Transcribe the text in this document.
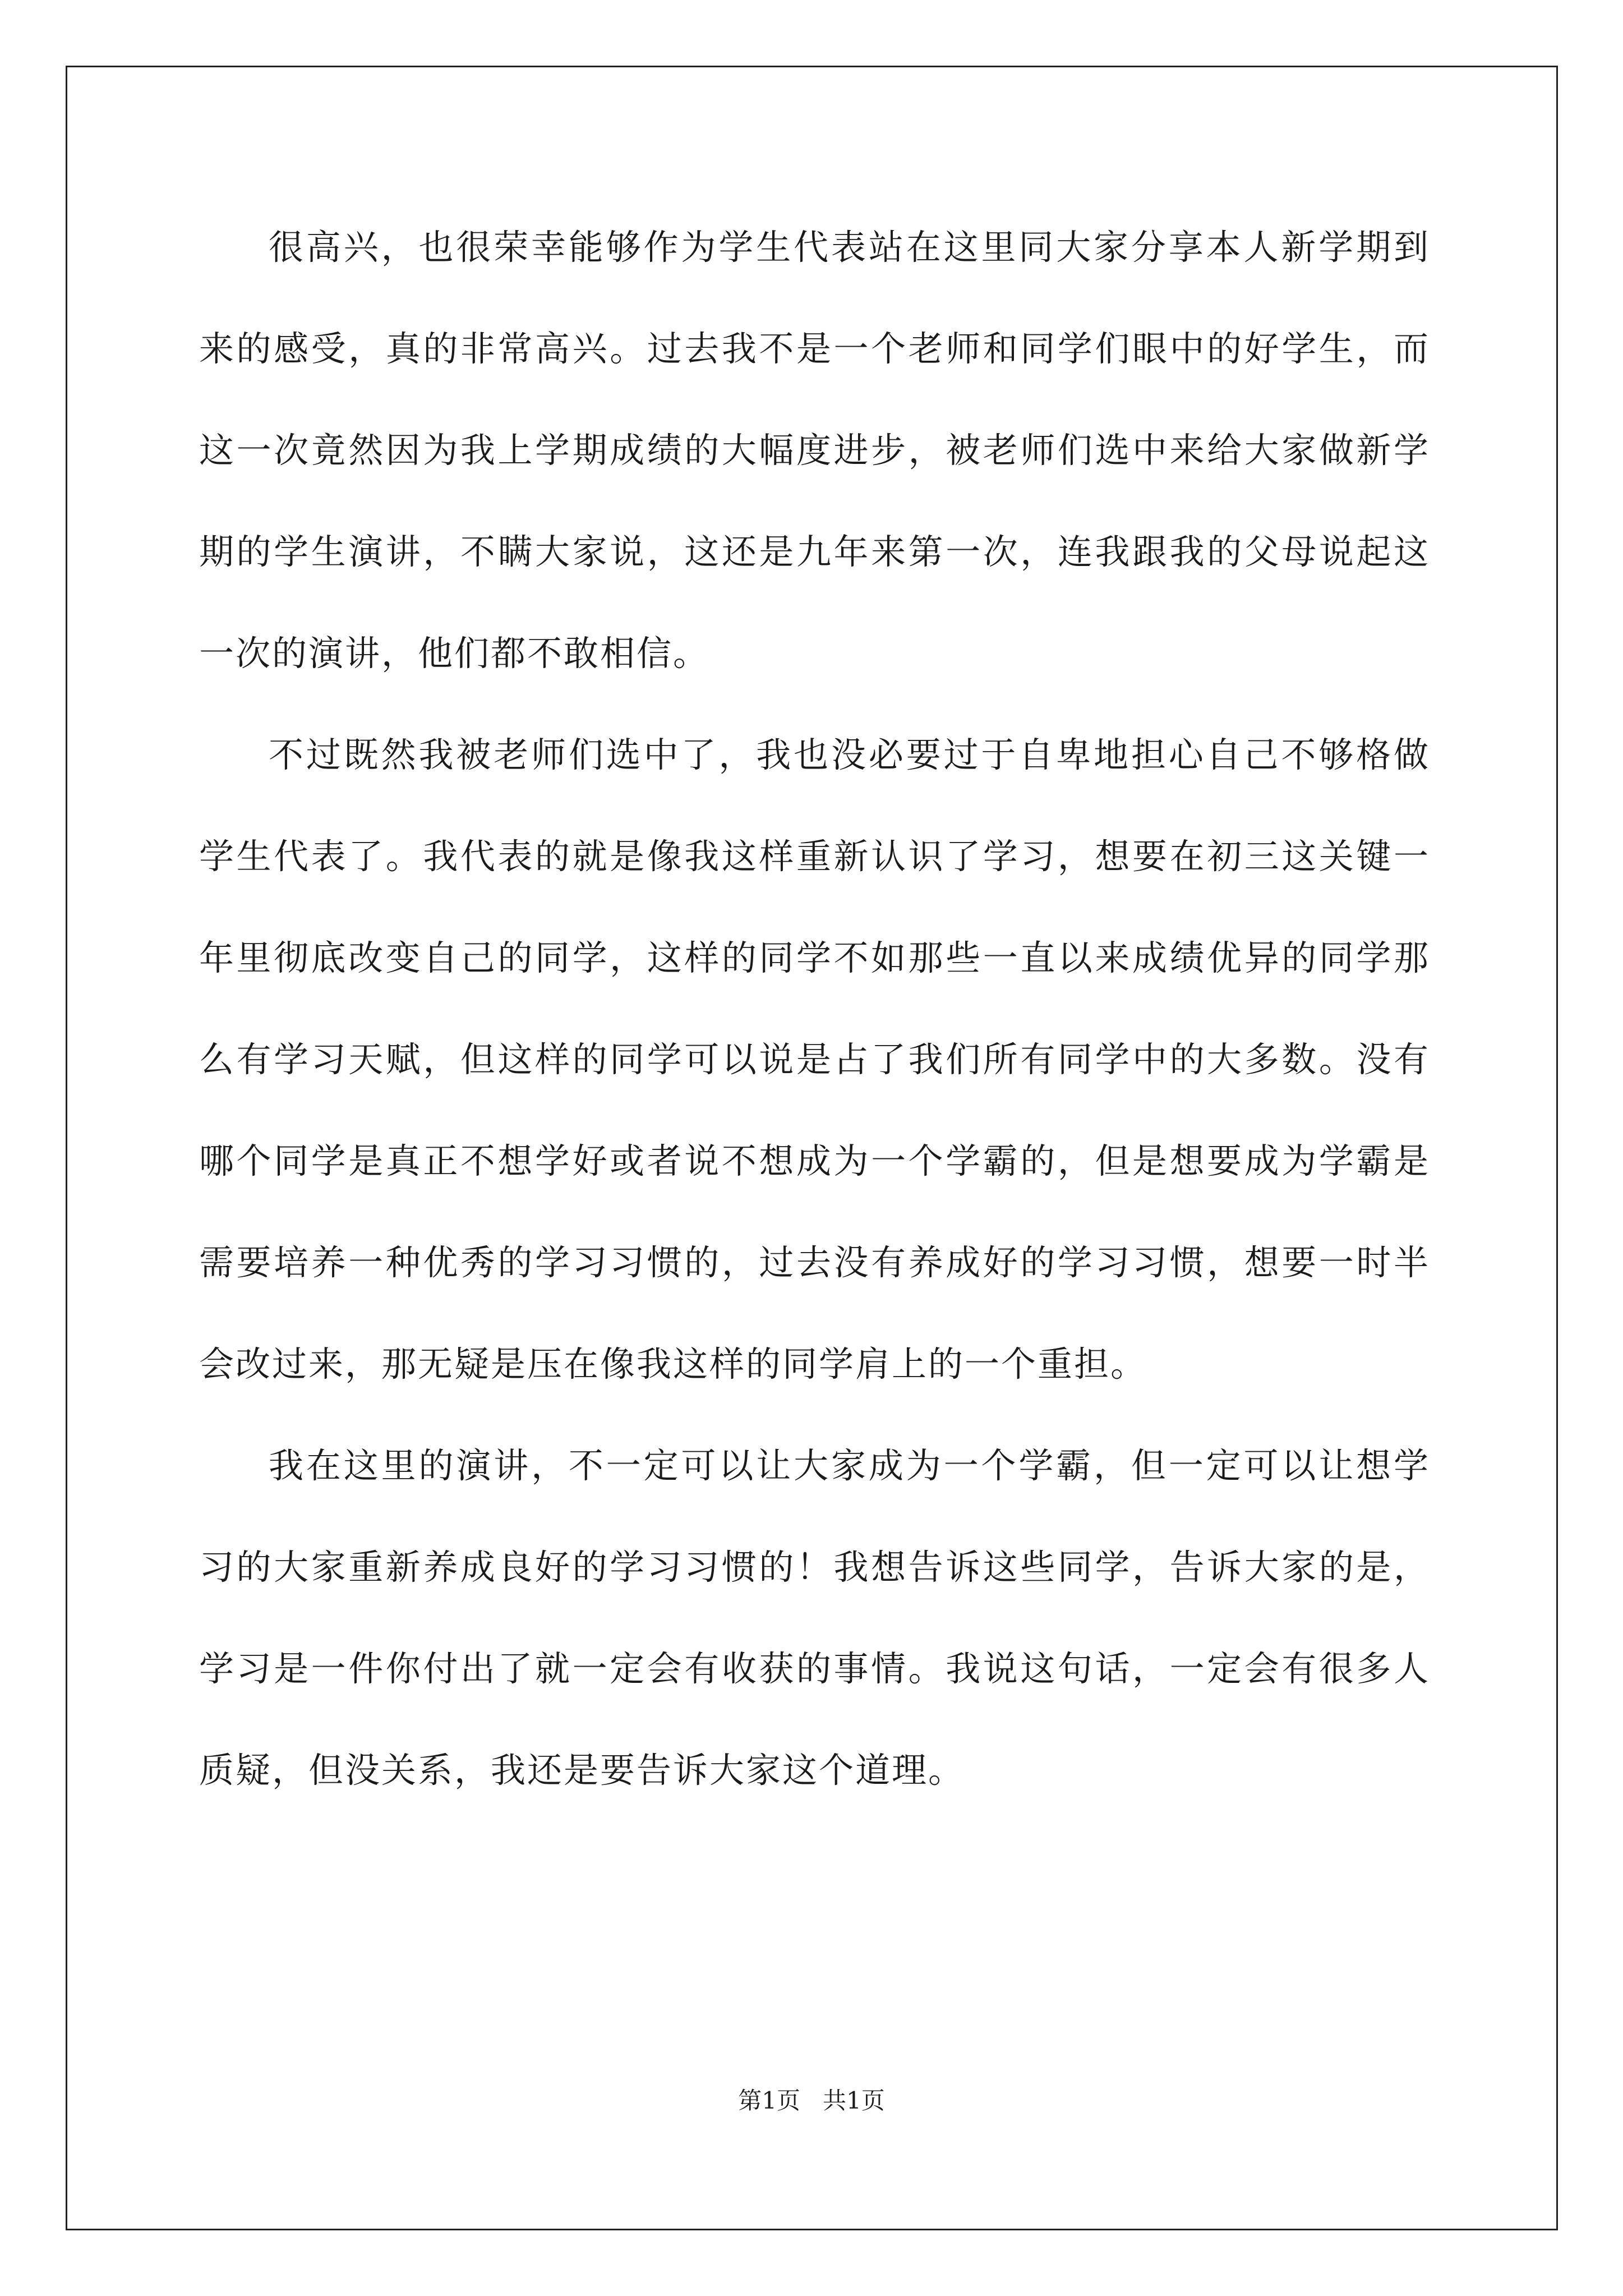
很高兴，也很荣幸能够作为学生代表站在这里同大家分享本人新学期到来的感受，真的非常高兴。过去我不是一个老师和同学们眼中的好学生，而这一次竟然因为我上学期成绩的大幅度进步，被老师们选中来给大家做新学期的学生演讲，不瞒大家说，这还是九年来第一次，连我跟我的父母说起这一次的演讲，他们都不敢相信。

不过既然我被老师们选中了，我也没必要过于自卑地担心自己不够格做学生代表了。我代表的就是像我这样重新认识了学习，想要在初三这关键一年里彻底改变自己的同学，这样的同学不如那些一直以来成绩优异的同学那么有学习天赋，但这样的同学可以说是占了我们所有同学中的大多数。没有哪个同学是真正不想学好或者说不想成为一个学霸的，但是想要成为学霸是需要培养一种优秀的学习习惯的，过去没有养成好的学习习惯，想要一时半会改过来，那无疑是压在像我这样的同学肩上的一个重担。

我在这里的演讲，不一定可以让大家成为一个学霸，但一定可以让想学习的大家重新养成良好的学习习惯的！我想告诉这些同学，告诉大家的是，学习是一件你付出了就一定会有收获的事情。我说这句话，一定会有很多人质疑，但没关系，我还是要告诉大家这个道理。

第1页 共1页
